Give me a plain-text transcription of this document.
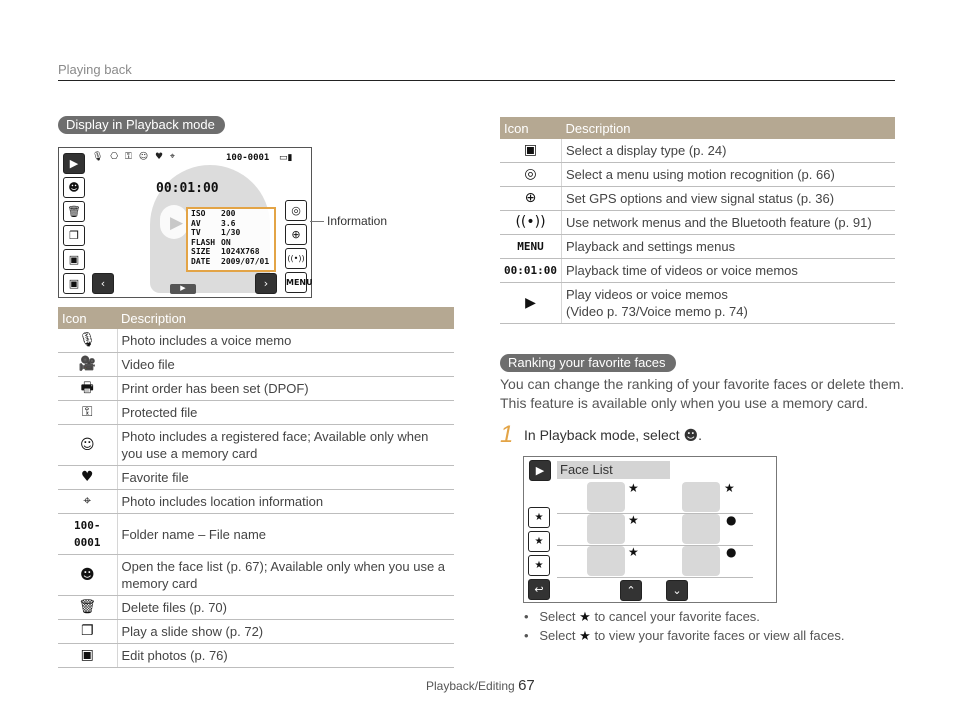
Playing back
Display in Playback mode
🎙 ⎔ ⚿ ☺ ♥ ⌖	100-0001 ▭▮
00:01:00
▶
☻
🗑
❐
▣
▣	‹	›
▶
▶
◎
⊕
((•))
MENU
ISO	200
AV	3.6
TV	1/30
FLASH ON
SIZE	1024X768
DATE	2009/07/01
Information
Icon	Description
🎙	Photo includes a voice memo

🎥	Video file

🖶	Print order has been set (DPOF)

⚿	Protected file

☺	Photo includes a registered face; Available only when you use a memory card

♥	Favorite file

⌖	Photo includes location information

100-0001	Folder name – File name

☻	Open the face list (p. 67); Available only when you use a memory card

🗑	Delete files (p. 70)

❐	Play a slide show (p. 72)

▣	Edit photos (p. 76)
Icon	Description
▣	Select a display type (p. 24)

◎	Select a menu using motion recognition (p. 66)

⊕	Set GPS options and view signal status (p. 36)

((•))	Use network menus and the Bluetooth feature (p. 91)

MENU	Playback and settings menus

00:01:00	Playback time of videos or voice memos

▶	Play videos or voice memos
(Video p. 73/Voice memo p. 74)
Ranking your favorite faces
You can change the ranking of your favorite faces or delete them.
This feature is available only when you use a memory card.
1 In Playback mode, select ☻.
▶	Face List
★
★
★
↩	⌃	⌄
★	★
★	●
★	●
•   Select ★ to cancel your favorite faces.
•   Select ★ to view your favorite faces or view all faces.
Playback/Editing 67
